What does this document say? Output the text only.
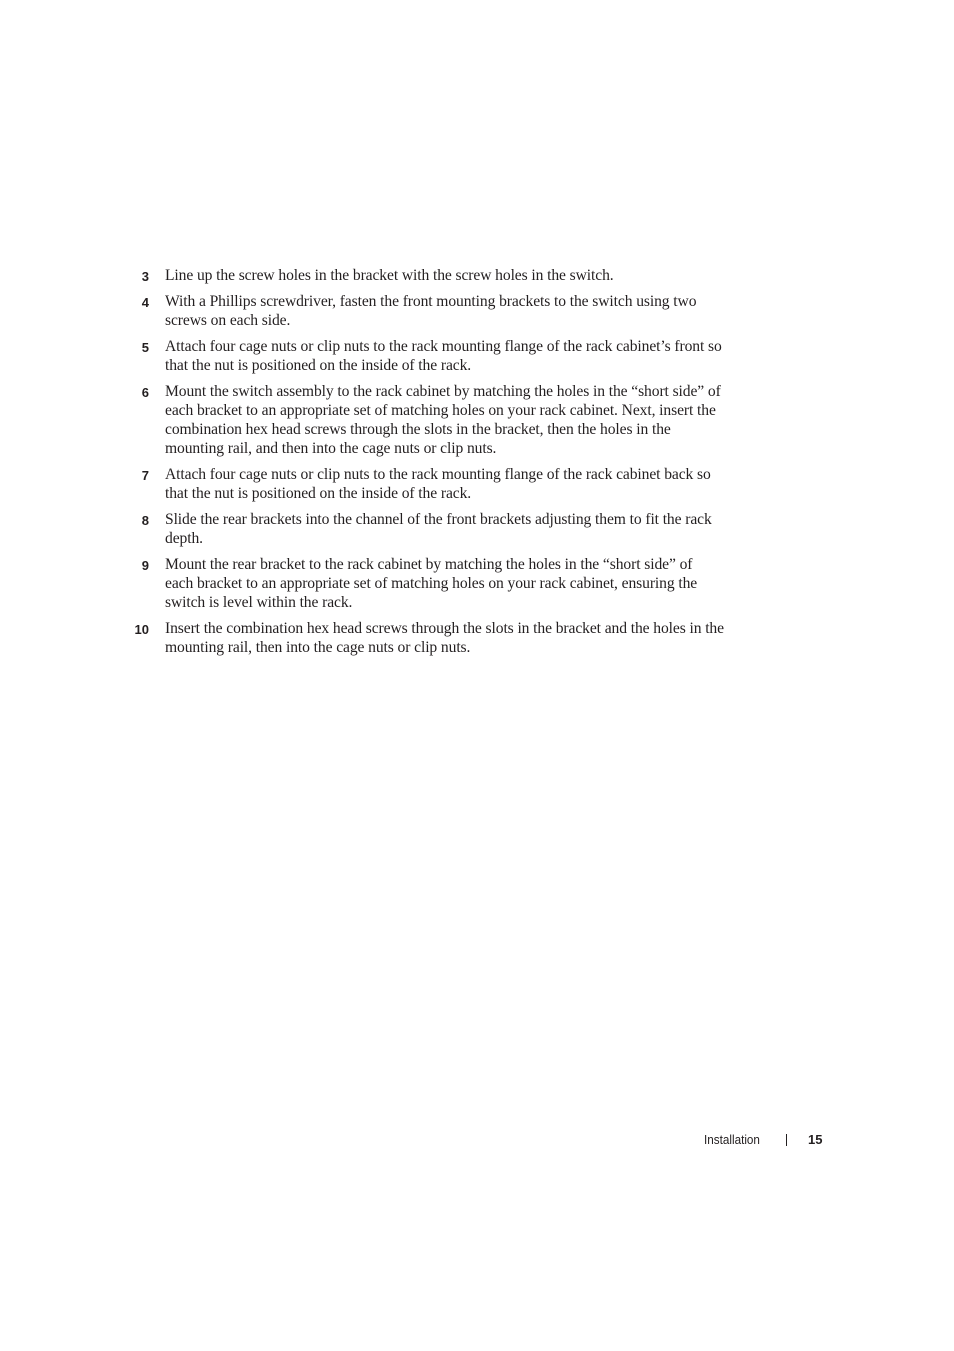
3 Line up the screw holes in the bracket with the screw holes in the switch.
4 With a Phillips screwdriver, fasten the front mounting brackets to the switch using two
screws on each side.
5 Attach four cage nuts or clip nuts to the rack mounting flange of the rack cabinet’s front so
that the nut is positioned on the inside of the rack.
6 Mount the switch assembly to the rack cabinet by matching the holes in the “short side” of
each bracket to an appropriate set of matching holes on your rack cabinet. Next, insert the
combination hex head screws through the slots in the bracket, then the holes in the
mounting rail, and then into the cage nuts or clip nuts.
7 Attach four cage nuts or clip nuts to the rack mounting flange of the rack cabinet back so
that the nut is positioned on the inside of the rack.
8 Slide the rear brackets into the channel of the front brackets adjusting them to fit the rack
depth.
9 Mount the rear bracket to the rack cabinet by matching the holes in the “short side” of
each bracket to an appropriate set of matching holes on your rack cabinet, ensuring the
switch is level within the rack.
10 Insert the combination hex head screws through the slots in the bracket and the holes in the
mounting rail, then into the cage nuts or clip nuts.
Installation	15
